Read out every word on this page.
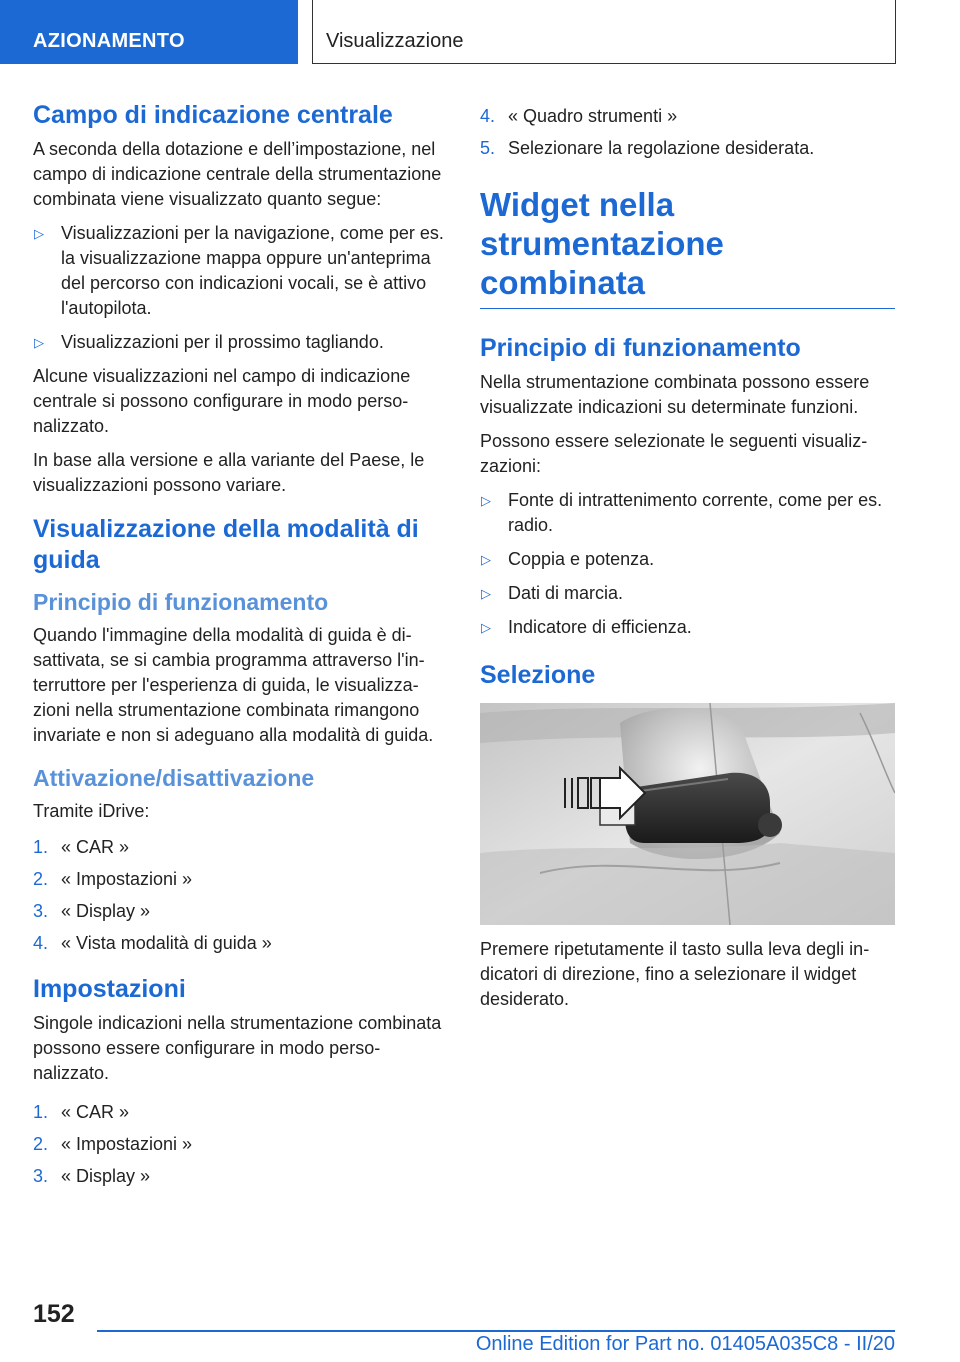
AZIONAMENTO	Visualizzazione
Campo di indicazione centrale

A seconda della dotazione e dell’impostazione, nel campo di indicazione centrale della strumentazione combinata viene visualizzato quanto segue:

▷ Visualizzazioni per la navigazione, come per es. la visualizzazione mappa oppure un'anteprima del percorso con indicazioni vocali, se è attivo l'autopilota.
▷ Visualizzazioni per il prossimo tagliando.

Alcune visualizzazioni nel campo di indicazione centrale si possono configurare in modo personalizzato.

In base alla versione e alla variante del Paese, le visualizzazioni possono variare.

Visualizzazione della modalità di guida
Principio di funzionamento

Quando l'immagine della modalità di guida è disattivata, se si cambia programma attraverso l'interruttore per l'esperienza di guida, le visualizzazioni nella strumentazione combinata rimangono invariate e non si adeguano alla modalità di guida.

Attivazione/disattivazione

Tramite iDrive:

1. « CAR »
2. « Impostazioni »
3. « Display »
4. « Vista modalità di guida »
Impostazioni

Singole indicazioni nella strumentazione combinata possono essere configurare in modo personalizzato.

1. « CAR »
2. « Impostazioni »
3. « Display »
4. « Quadro strumenti »
5. Selezionare la regolazione desiderata.
Widget nella strumentazione combinata
Principio di funzionamento

Nella strumentazione combinata possono essere visualizzate indicazioni su determinate funzioni.

Possono essere selezionate le seguenti visualizzazioni:

▷ Fonte di intrattenimento corrente, come per es. radio.
▷ Coppia e potenza.
▷ Dati di marcia.
▷ Indicatore di efficienza.
Selezione

Premere ripetutamente il tasto sulla leva degli indicatori di direzione, fino a selezionare il widget desiderato.

152
Online Edition for Part no. 01405A035C8 - II/20
